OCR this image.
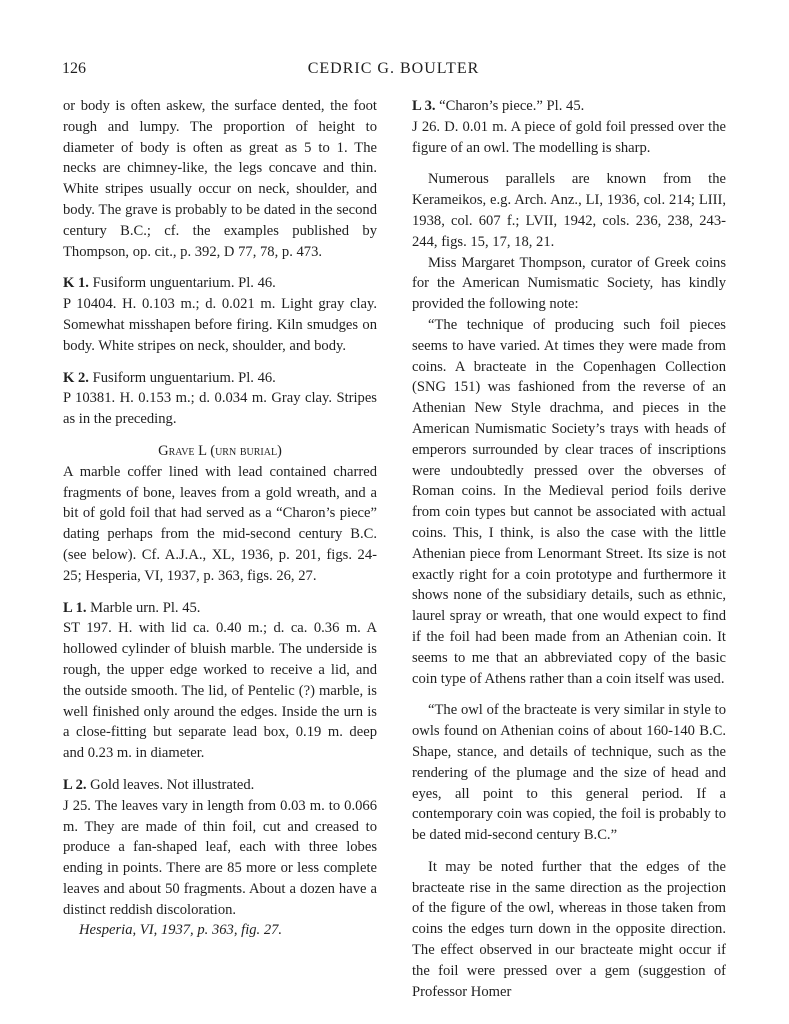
126	CEDRIC G. BOULTER

or body is often askew, the surface dented, the foot rough and lumpy. The proportion of height to diameter of body is often as great as 5 to 1. The necks are chimney-like, the legs concave and thin. White stripes usually occur on neck, shoulder, and body. The grave is probably to be dated in the second century B.C.; cf. the examples published by Thompson, op. cit., p. 392, D 77, 78, p. 473.

K 1. Fusiform unguentarium. Pl. 46.

P 10404. H. 0.103 m.; d. 0.021 m. Light gray clay. Somewhat misshapen before firing. Kiln smudges on body. White stripes on neck, shoulder, and body.

K 2. Fusiform unguentarium. Pl. 46.

P 10381. H. 0.153 m.; d. 0.034 m. Gray clay. Stripes as in the preceding.

Grave L (urn burial)

A marble coffer lined with lead contained charred fragments of bone, leaves from a gold wreath, and a bit of gold foil that had served as a “Charon’s piece” dating perhaps from the mid-second century B.C. (see below). Cf. A.J.A., XL, 1936, p. 201, figs. 24-25; Hesperia, VI, 1937, p. 363, figs. 26, 27.

L 1. Marble urn. Pl. 45.

ST 197. H. with lid ca. 0.40 m.; d. ca. 0.36 m. A hollowed cylinder of bluish marble. The underside is rough, the upper edge worked to receive a lid, and the outside smooth. The lid, of Pentelic (?) marble, is well finished only around the edges. Inside the urn is a close-fitting but separate lead box, 0.19 m. deep and 0.23 m. in diameter.

L 2. Gold leaves. Not illustrated.

J 25. The leaves vary in length from 0.03 m. to 0.066 m. They are made of thin foil, cut and creased to produce a fan-shaped leaf, each with three lobes ending in points. There are 85 more or less complete leaves and about 50 fragments. About a dozen have a distinct reddish discoloration.

Hesperia, VI, 1937, p. 363, fig. 27.

L 3. “Charon’s piece.” Pl. 45.

J 26. D. 0.01 m. A piece of gold foil pressed over the figure of an owl. The modelling is sharp.

Numerous parallels are known from the Kerameikos, e.g. Arch. Anz., LI, 1936, col. 214; LIII, 1938, col. 607 f.; LVII, 1942, cols. 236, 238, 243-244, figs. 15, 17, 18, 21.

Miss Margaret Thompson, curator of Greek coins for the American Numismatic Society, has kindly provided the following note:

“The technique of producing such foil pieces seems to have varied. At times they were made from coins. A bracteate in the Copenhagen Collection (SNG 151) was fashioned from the reverse of an Athenian New Style drachma, and pieces in the American Numismatic Society’s trays with heads of emperors surrounded by clear traces of inscriptions were undoubtedly pressed over the obverses of Roman coins. In the Medieval period foils derive from coin types but cannot be associated with actual coins. This, I think, is also the case with the little Athenian piece from Lenormant Street. Its size is not exactly right for a coin prototype and furthermore it shows none of the subsidiary details, such as ethnic, laurel spray or wreath, that one would expect to find if the foil had been made from an Athenian coin. It seems to me that an abbreviated copy of the basic coin type of Athens rather than a coin itself was used.

“The owl of the bracteate is very similar in style to owls found on Athenian coins of about 160-140 B.C. Shape, stance, and details of technique, such as the rendering of the plumage and the size of head and eyes, all point to this general period. If a contemporary coin was copied, the foil is probably to be dated mid-second century B.C.”

It may be noted further that the edges of the bracteate rise in the same direction as the projection of the figure of the owl, whereas in those taken from coins the edges turn down in the opposite direction. The effect observed in our bracteate might occur if the foil were pressed over a gem (suggestion of Professor Homer
